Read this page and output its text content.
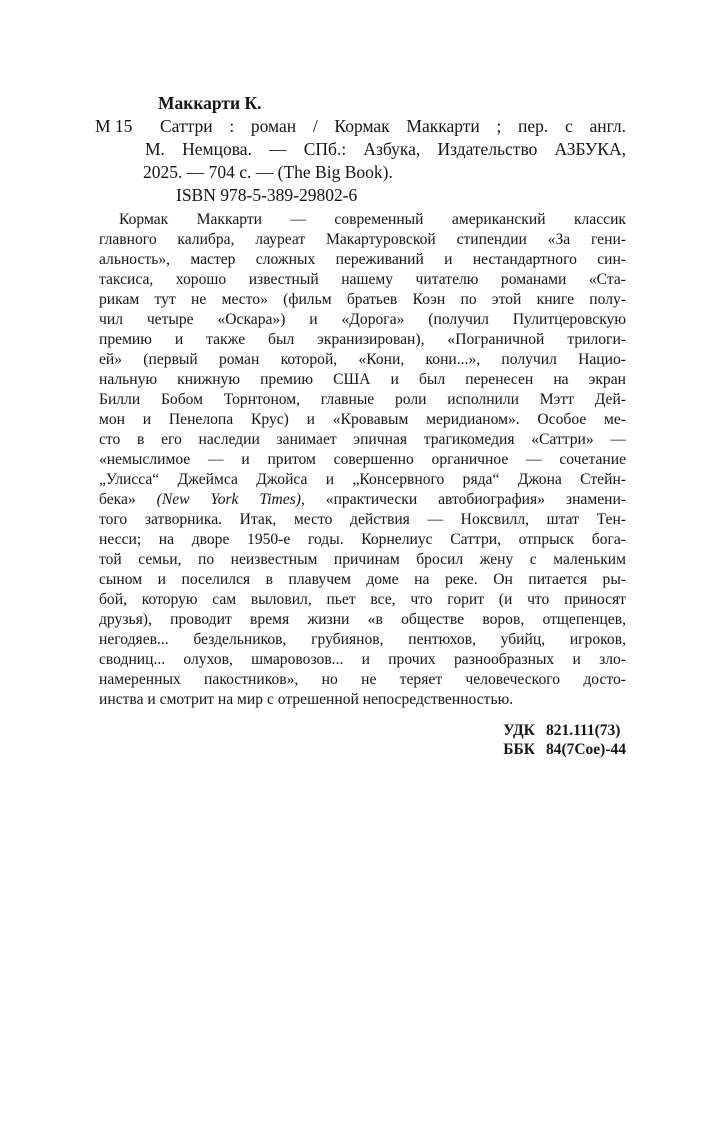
Маккарти К.
М 15	Саттри : роман / Кормак Маккарти ; пер. с англ.
М. Немцова. — СПб.: Азбука, Издательство АЗБУКА,
2025. — 704 с. — (The Big Book).
ISBN 978-5-389-29802-6
Кормак Маккарти — современный американский классик
главного калибра, лауреат Макартуровской стипендии «За гени-
альность», мастер сложных переживаний и нестандартного син-
таксиса, хорошо известный нашему читателю романами «Ста-
рикам тут не место» (фильм братьев Коэн по этой книге полу-
чил четыре «Оскара») и «Дорога» (получил Пулитцеровскую
премию и также был экранизирован), «Пограничной трилоги-
ей» (первый роман которой, «Кони, кони...», получил Нацио-
нальную книжную премию США и был перенесен на экран
Билли Бобом Торнтоном, главные роли исполнили Мэтт Дей-
мон и Пенелопа Крус) и «Кровавым меридианом». Особое ме-
сто в его наследии занимает эпичная трагикомедия «Саттри» —
«немыслимое — и притом совершенно органичное — сочетание
„Улисса“ Джеймса Джойса и „Консервного ряда“ Джона Стейн-
бека» (New York Times), «практически автобиография» знамени-
того затворника. Итак, место действия — Ноксвилл, штат Тен-
несси; на дворе 1950-е годы. Корнелиус Саттри, отпрыск бога-
той семьи, по неизвестным причинам бросил жену с маленьким
сыном и поселился в плавучем доме на реке. Он питается ры-
бой, которую сам выловил, пьет все, что горит (и что приносят
друзья), проводит время жизни «в обществе воров, отщепенцев,
негодяев... бездельников, грубиянов, пентюхов, убийц, игроков,
сводниц... олухов, шмаровозов... и прочих разнообразных и зло-
намеренных пакостников», но не теряет человеческого досто-
инства и смотрит на мир с отрешенной непосредственностью.
УДК 821.111(73)
ББК 84(7Сое)-44
